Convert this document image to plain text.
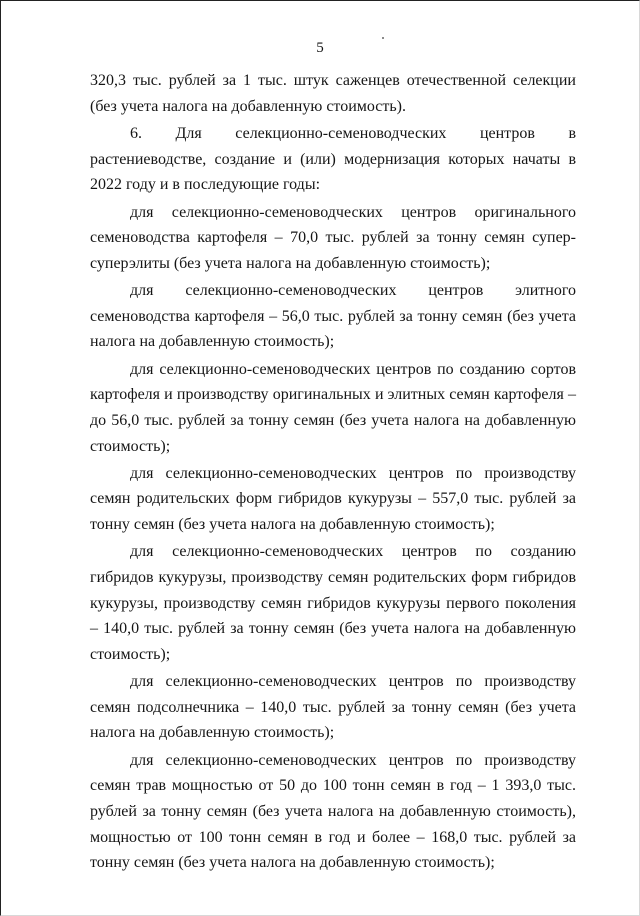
5

320,3 тыс. рублей за 1 тыс. штук саженцев отечественной селекции (без учета налога на добавленную стоимость).

6. Для селекционно-семеноводческих центров в растениеводстве, создание и (или) модернизация которых начаты в 2022 году и в последующие годы:

для селекционно-семеноводческих центров оригинального семеноводства картофеля – 70,0 тыс. рублей за тонну семян супер-суперэлиты (без учета налога на добавленную стоимость);

для селекционно-семеноводческих центров элитного семеноводства картофеля – 56,0 тыс. рублей за тонну семян (без учета налога на добавленную стоимость);

для селекционно-семеноводческих центров по созданию сортов картофеля и производству оригинальных и элитных семян картофеля – до 56,0 тыс. рублей за тонну семян (без учета налога на добавленную стоимость);

для селекционно-семеноводческих центров по производству семян родительских форм гибридов кукурузы – 557,0 тыс. рублей за тонну семян (без учета налога на добавленную стоимость);

для селекционно-семеноводческих центров по созданию гибридов кукурузы, производству семян родительских форм гибридов кукурузы, производству семян гибридов кукурузы первого поколения – 140,0 тыс. рублей за тонну семян (без учета налога на добавленную стоимость);

для селекционно-семеноводческих центров по производству семян подсолнечника – 140,0 тыс. рублей за тонну семян (без учета налога на добавленную стоимость);

для селекционно-семеноводческих центров по производству семян трав мощностью от 50 до 100 тонн семян в год – 1 393,0 тыс. рублей за тонну семян (без учета налога на добавленную стоимость), мощностью от 100 тонн семян в год и более – 168,0 тыс. рублей за тонну семян (без учета налога на добавленную стоимость);
